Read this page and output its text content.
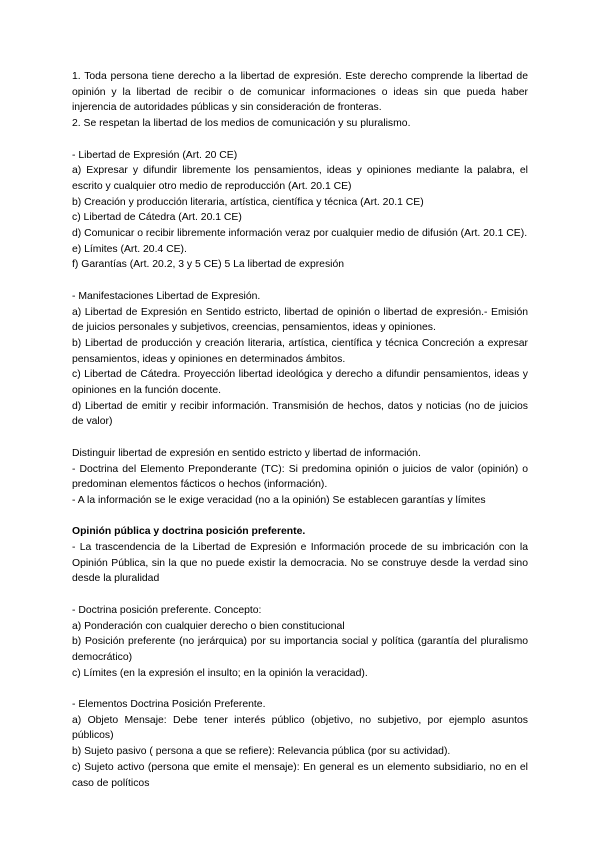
1. Toda persona tiene derecho a la libertad de expresión. Este derecho comprende la libertad de opinión y la libertad de recibir o de comunicar informaciones o ideas sin que pueda haber injerencia de autoridades públicas y sin consideración de fronteras.

2. Se respetan la libertad de los medios de comunicación y su pluralismo.

- Libertad de Expresión (Art. 20 CE)

a) Expresar y difundir libremente los pensamientos, ideas y opiniones mediante la palabra, el escrito y cualquier otro medio de reproducción (Art. 20.1 CE)

b) Creación y producción literaria, artística, científica y técnica (Art. 20.1 CE)

c) Libertad de Cátedra (Art. 20.1 CE)

d) Comunicar o recibir libremente información veraz por cualquier medio de difusión (Art. 20.1 CE).

e) Límites (Art. 20.4 CE).

f) Garantías (Art. 20.2, 3 y 5 CE) 5 La libertad de expresión

- Manifestaciones Libertad de Expresión.

a) Libertad de Expresión en Sentido estricto, libertad de opinión o libertad de expresión.- Emisión de juicios personales y subjetivos, creencias, pensamientos, ideas y opiniones.

b) Libertad de producción y creación literaria, artística, científica y técnica Concreción a expresar pensamientos, ideas y opiniones en determinados ámbitos.

c) Libertad de Cátedra. Proyección libertad ideológica y derecho a difundir pensamientos, ideas y opiniones en la función docente.

d) Libertad de emitir y recibir información. Transmisión de hechos, datos y noticias (no de juicios de valor)

Distinguir libertad de expresión en sentido estricto y libertad de información.

- Doctrina del Elemento Preponderante (TC): Si predomina opinión o juicios de valor (opinión) o predominan elementos fácticos o hechos (información).

- A la información se le exige veracidad (no a la opinión) Se establecen garantías y límites

Opinión pública y doctrina posición preferente.

- La trascendencia de la Libertad de Expresión e Información procede de su imbricación con la Opinión Pública, sin la que no puede existir la democracia. No se construye desde la verdad sino desde la pluralidad

- Doctrina posición preferente. Concepto:

a) Ponderación con cualquier derecho o bien constitucional

b) Posición preferente (no jerárquica) por su importancia social y política (garantía del pluralismo democrático)

c) Límites (en la expresión el insulto; en la opinión la veracidad).

- Elementos Doctrina Posición Preferente.

a) Objeto Mensaje: Debe tener interés público (objetivo, no subjetivo, por ejemplo asuntos públicos)

b) Sujeto pasivo ( persona a que se refiere): Relevancia pública (por su actividad).

c) Sujeto activo (persona que emite el mensaje): En general es un elemento subsidiario, no en el caso de políticos
